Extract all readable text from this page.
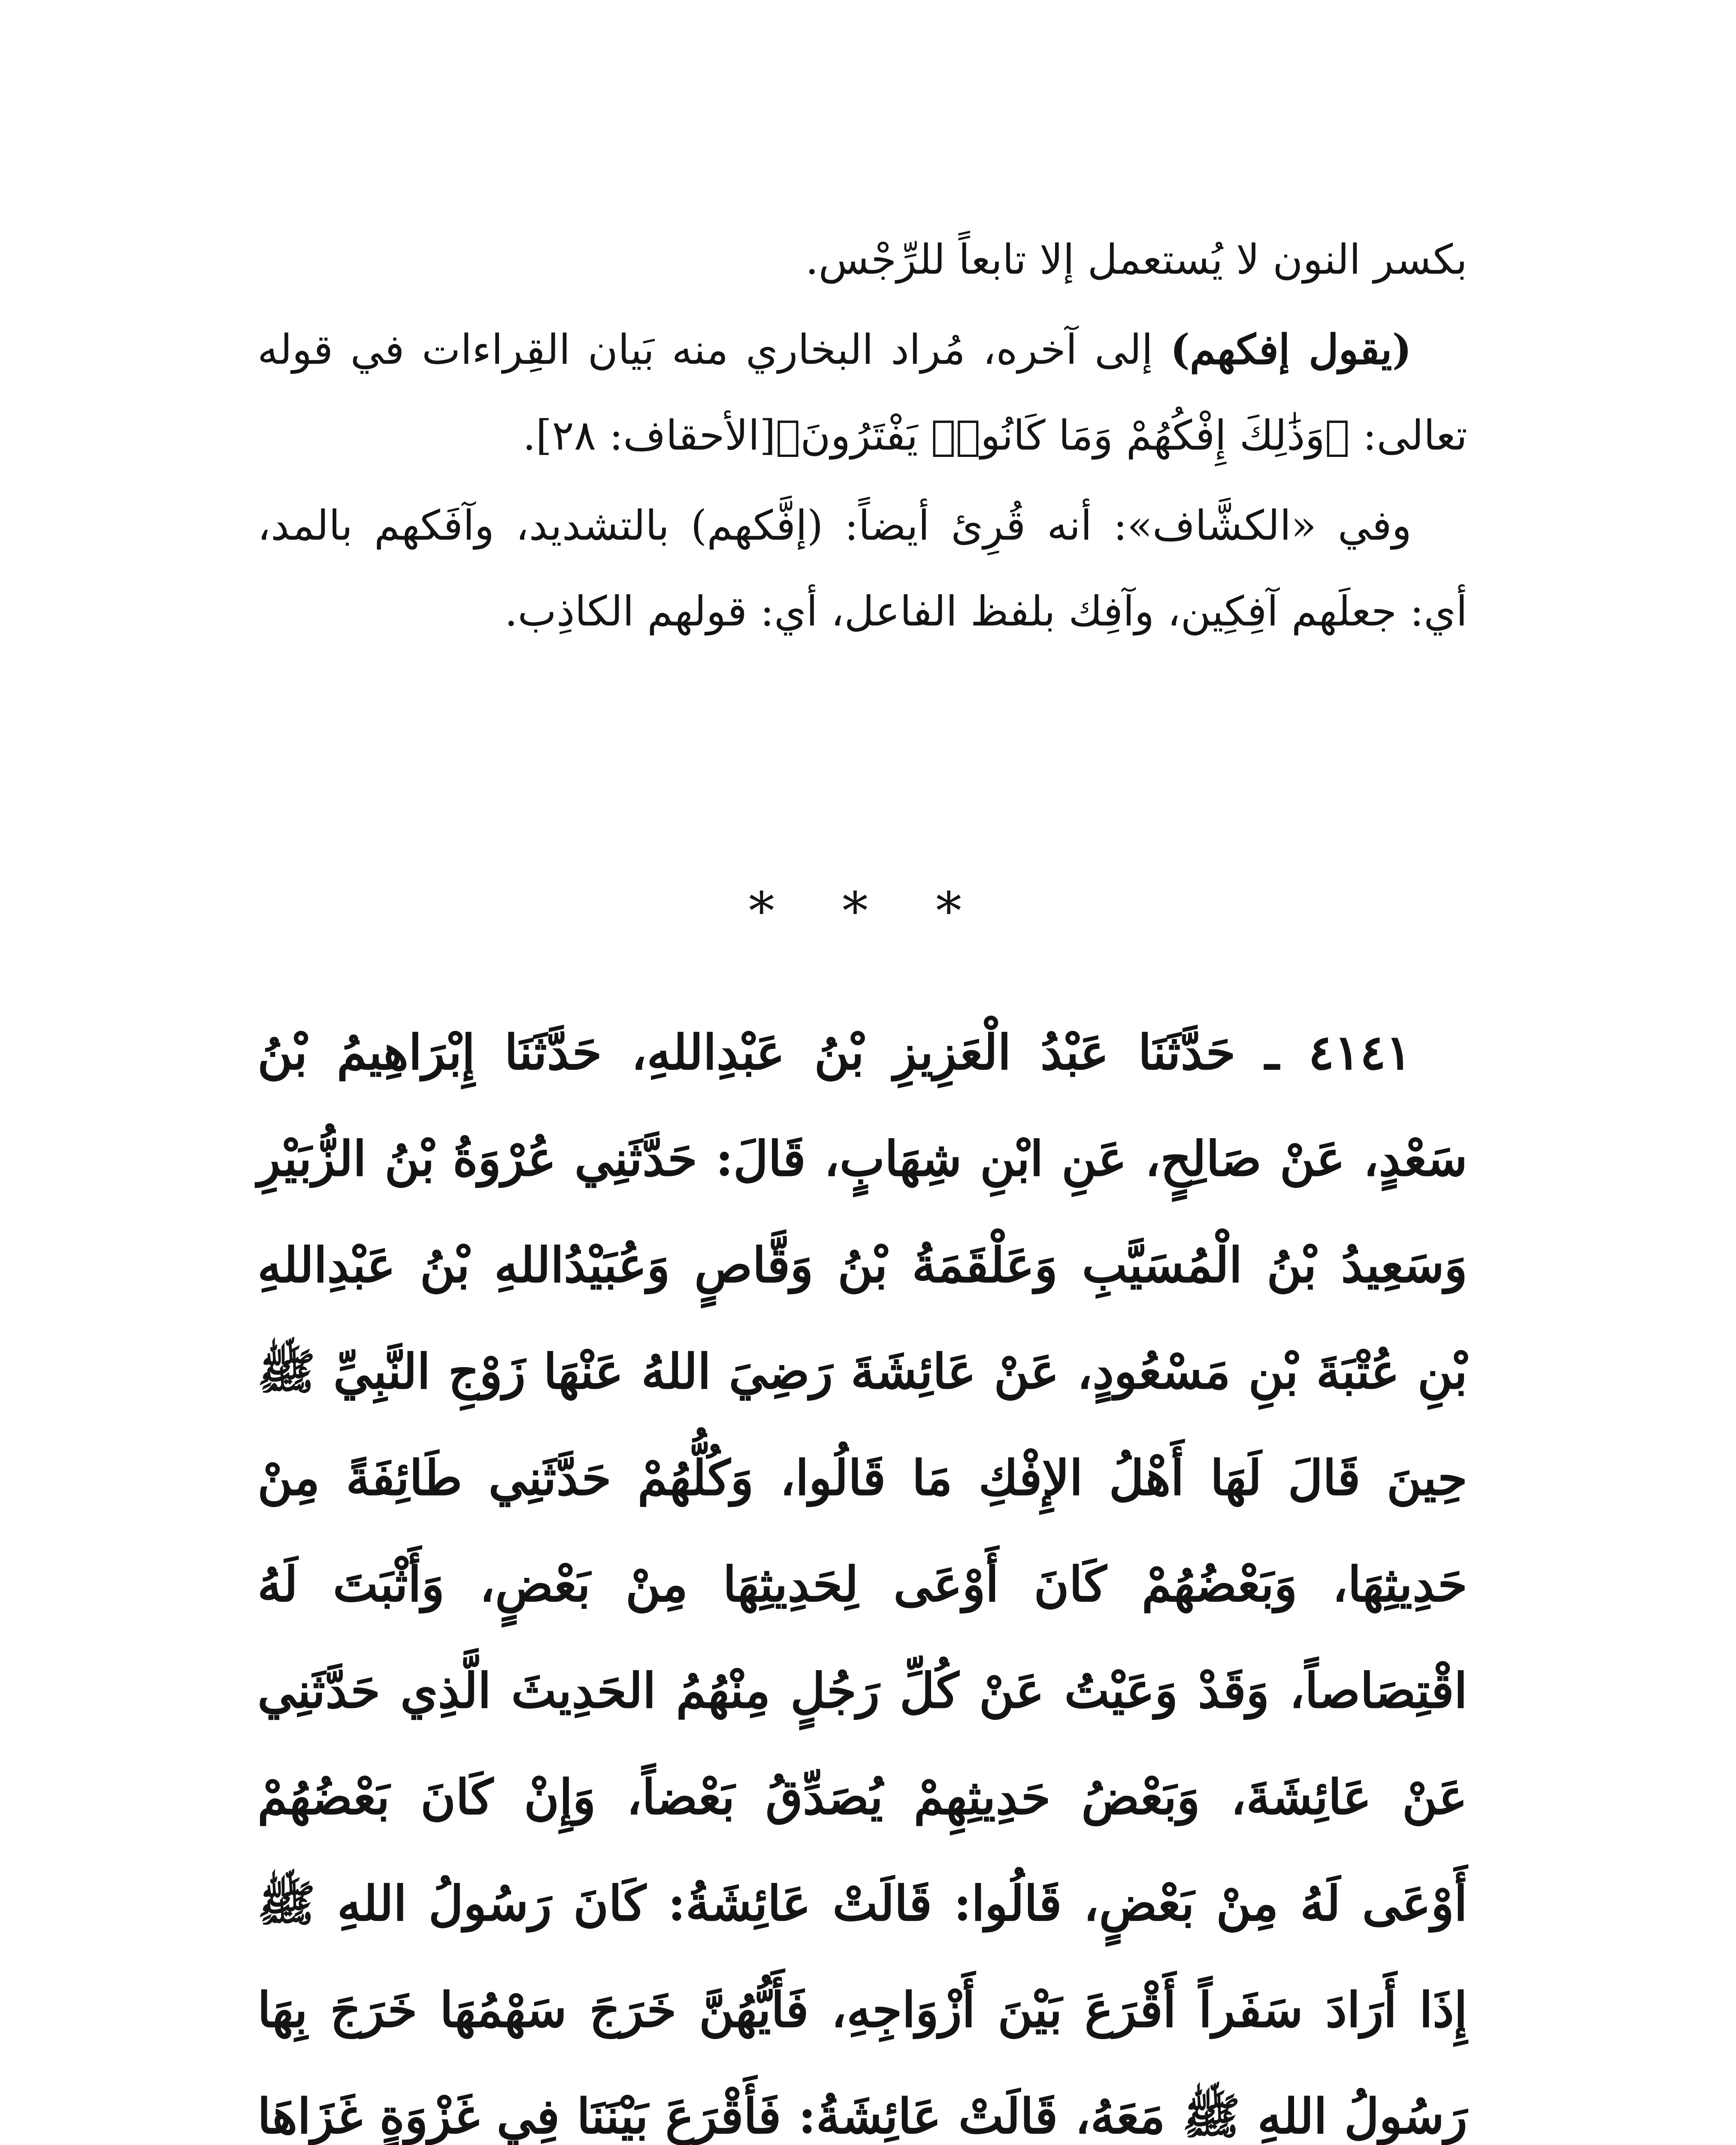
بكسر النون لا يُستعمل إلا تابعاً للرِّجْس.

(يقول إفكهم) إلى آخره، مُراد البخاري منه بَيان القِراءات في قوله تعالى: ﴿وَذَٰلِكَ إِفْكُهُمْ وَمَا كَانُوا۟ يَفْتَرُونَ﴾[الأحقاف: ٢٨].

وفي «الكشَّاف»: أنه قُرِئ أيضاً: (إفَّكهم) بالتشديد، وآفَكهم بالمد، أي: جعلَهم آفِكِين، وآفِك بلفظ الفاعل، أي: قولهم الكاذِب.

* * *

٤١٤١ ـ حَدَّثَنَا عَبْدُ الْعَزِيزِ بْنُ عَبْدِاللهِ، حَدَّثَنَا إِبْرَاهِيمُ بْنُ سَعْدٍ، عَنْ صَالِحٍ، عَنِ ابْنِ شِهَابٍ، قَالَ: حَدَّثَنِي عُرْوَةُ بْنُ الزُّبَيْرِ وَسَعِيدُ بْنُ الْمُسَيَّبِ وَعَلْقَمَةُ بْنُ وَقَّاصٍ وَعُبَيْدُاللهِ بْنُ عَبْدِاللهِ بْنِ عُتْبَةَ بْنِ مَسْعُودٍ، عَنْ عَائِشَةَ رَضِيَ اللهُ عَنْهَا زَوْجِ النَّبِيِّ ﷺ حِينَ قَالَ لَهَا أَهْلُ الإِفْكِ مَا قَالُوا، وَكُلُّهُمْ حَدَّثَنِي طَائِفَةً مِنْ حَدِيثِهَا، وَبَعْضُهُمْ كَانَ أَوْعَى لِحَدِيثِهَا مِنْ بَعْضٍ، وَأَثْبَتَ لَهُ اقْتِصَاصاً، وَقَدْ وَعَيْتُ عَنْ كُلِّ رَجُلٍ مِنْهُمُ الحَدِيثَ الَّذِي حَدَّثَنِي عَنْ عَائِشَةَ، وَبَعْضُ حَدِيثِهِمْ يُصَدِّقُ بَعْضاً، وَإِنْ كَانَ بَعْضُهُمْ أَوْعَى لَهُ مِنْ بَعْضٍ، قَالُوا: قَالَتْ عَائِشَةُ: كَانَ رَسُولُ اللهِ ﷺ إِذَا أَرَادَ سَفَراً أَقْرَعَ بَيْنَ أَزْوَاجِهِ، فَأَيُّهُنَّ خَرَجَ سَهْمُهَا خَرَجَ بِهَا رَسُولُ اللهِ ﷺ مَعَهُ، قَالَتْ عَائِشَةُ: فَأَقْرَعَ بَيْنَنَا فِي غَزْوَةٍ غَزَاهَا
